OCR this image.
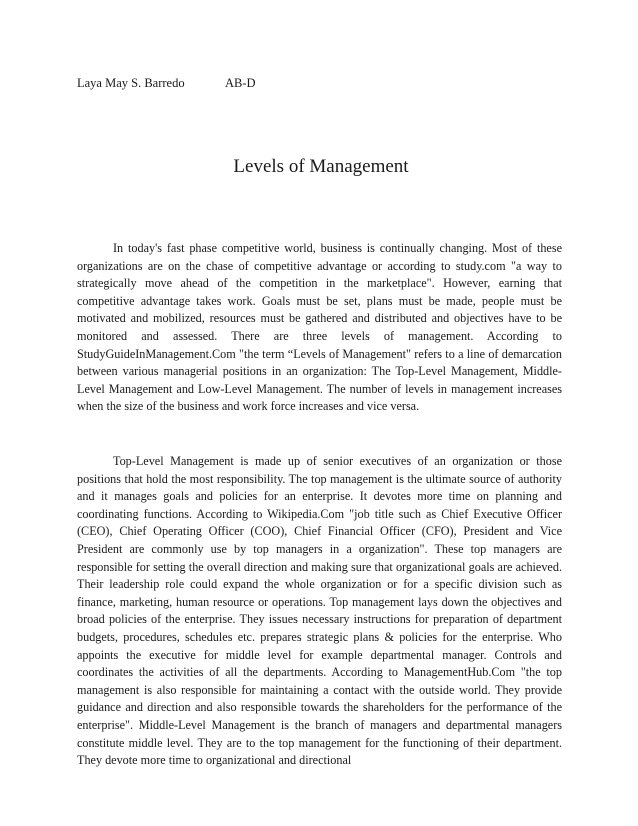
Laya May S. Barredo	AB-D
Levels of Management

In today's fast phase competitive world, business is continually changing. Most of these organizations are on the chase of competitive advantage or according to study.com "a way to strategically move ahead of the competition in the marketplace". However, earning that competitive advantage takes work. Goals must be set, plans must be made, people must be motivated and mobilized, resources must be gathered and distributed and objectives have to be monitored and assessed. There are three levels of management. According to StudyGuideInManagement.Com "the term “Levels of Management" refers to a line of demarcation between various managerial positions in an organization: The Top-Level Management, Middle-Level Management and Low-Level Management. The number of levels in management increases when the size of the business and work force increases and vice versa.

Top-Level Management is made up of senior executives of an organization or those positions that hold the most responsibility. The top management is the ultimate source of authority and it manages goals and policies for an enterprise. It devotes more time on planning and coordinating functions. According to Wikipedia.Com "job title such as Chief Executive Officer (CEO), Chief Operating Officer (COO), Chief Financial Officer (CFO), President and Vice President are commonly use by top managers in a organization". These top managers are responsible for setting the overall direction and making sure that organizational goals are achieved. Their leadership role could expand the whole organization or for a specific division such as finance, marketing, human resource or operations. Top management lays down the objectives and broad policies of the enterprise. They issues necessary instructions for preparation of department budgets, procedures, schedules etc. prepares strategic plans & policies for the enterprise. Who appoints the executive for middle level for example departmental manager. Controls and coordinates the activities of all the departments. According to ManagementHub.Com "the top management is also responsible for maintaining a contact with the outside world. They provide guidance and direction and also responsible towards the shareholders for the performance of the enterprise". Middle-Level Management is the branch of managers and departmental managers constitute middle level. They are to the top management for the functioning of their department. They devote more time to organizational and directional
